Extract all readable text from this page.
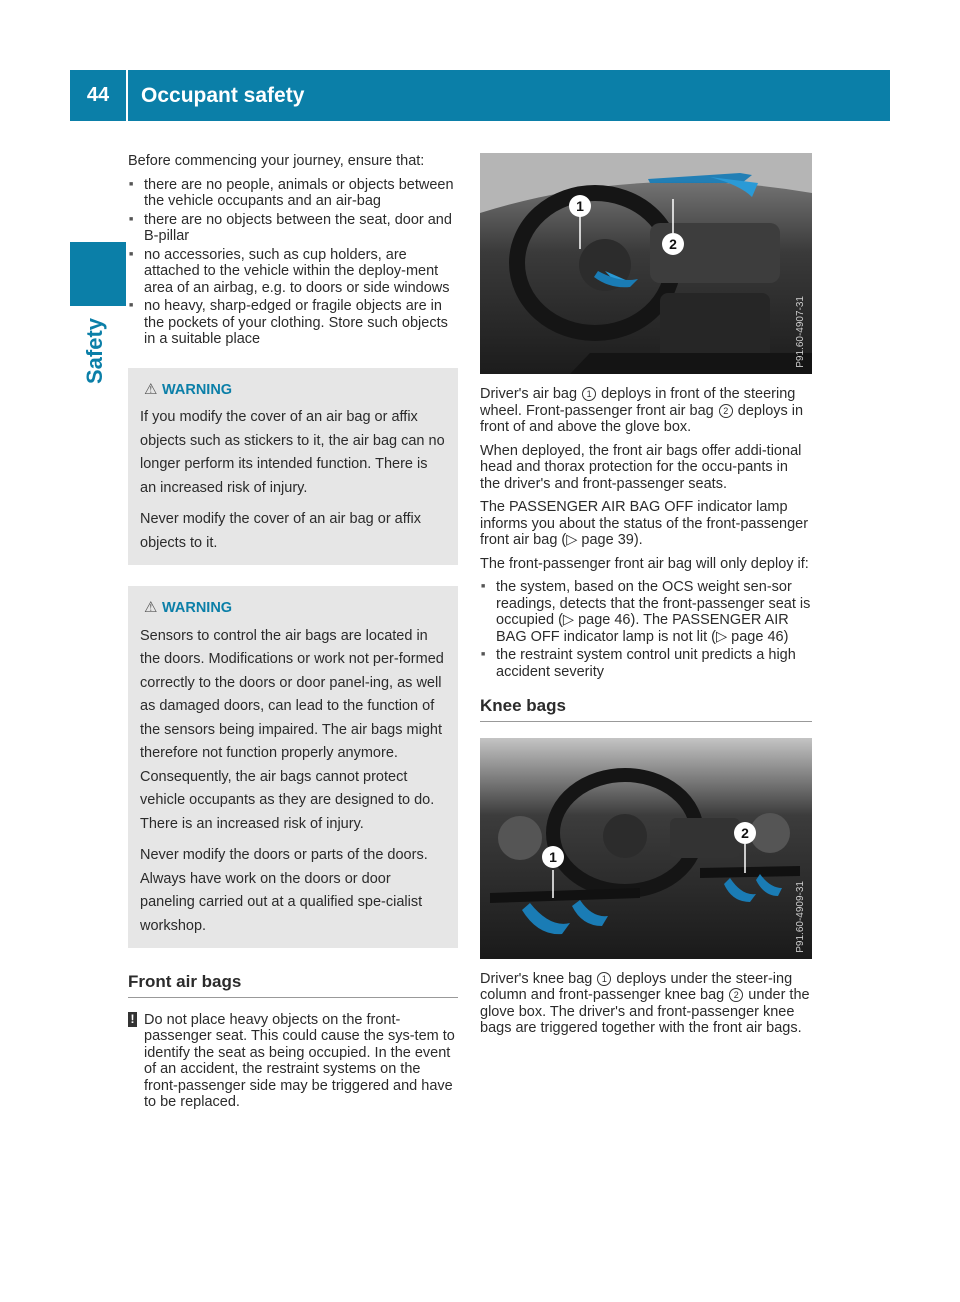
44	Occupant safety
Safety

Before commencing your journey, ensure that:

■ there are no people, animals or objects between the vehicle occupants and an air-bag
■ there are no objects between the seat, door and B-pillar
■ no accessories, such as cup holders, are attached to the vehicle within the deploy-ment area of an airbag, e.g. to doors or side windows
■ no heavy, sharp-edged or fragile objects are in the pockets of your clothing. Store such objects in a suitable place
⚠ WARNING

If you modify the cover of an air bag or affix objects such as stickers to it, the air bag can no longer perform its intended function. There is an increased risk of injury.

Never modify the cover of an air bag or affix objects to it.

⚠ WARNING

Sensors to control the air bags are located in the doors. Modifications or work not per-formed correctly to the doors or door panel-ing, as well as damaged doors, can lead to the function of the sensors being impaired. The air bags might therefore not function properly anymore. Consequently, the air bags cannot protect vehicle occupants as they are designed to do. There is an increased risk of injury.

Never modify the doors or parts of the doors. Always have work on the doors or door paneling carried out at a qualified spe-cialist workshop.

Front air bags
! Do not place heavy objects on the front-passenger seat. This could cause the sys-tem to identify the seat as being occupied. In the event of an accident, the restraint systems on the front-passenger side may be triggered and have to be replaced.
1
2
P91.60-4907-31

Driver's air bag 1 deploys in front of the steering wheel. Front-passenger front air bag 2 deploys in front of and above the glove box.

When deployed, the front air bags offer addi-tional head and thorax protection for the occu-pants in the driver's and front-passenger seats.

The PASSENGER AIR BAG OFF indicator lamp informs you about the status of the front-passenger front air bag (▷ page 39).

The front-passenger front air bag will only deploy if:

■ the system, based on the OCS weight sen-sor readings, detects that the front-passenger seat is occupied (▷ page 46). The PASSENGER AIR BAG OFF indicator lamp is not lit (▷ page 46)
■ the restraint system control unit predicts a high accident severity
Knee bags
1
2
P91.60-4909-31

Driver's knee bag 1 deploys under the steer-ing column and front-passenger knee bag 2 under the glove box. The driver's and front-passenger knee bags are triggered together with the front air bags.
